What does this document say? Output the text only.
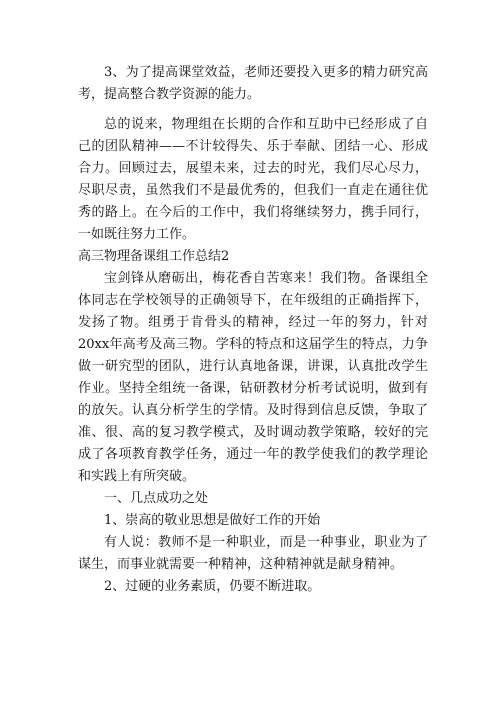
3、为了提高课堂效益，老师还要投入更多的精力研究高考，提高整合教学资源的能力。

总的说来，物理组在长期的合作和互助中已经形成了自己的团队精神——不计较得失、乐于奉献、团结一心、形成合力。回顾过去，展望未来，过去的时光，我们尽心尽力，尽职尽责，虽然我们不是最优秀的，但我们一直走在通往优秀的路上。在今后的工作中，我们将继续努力，携手同行，一如既往努力工作。

高三物理备课组工作总结2

宝剑锋从磨砺出，梅花香自苦寒来！我们物。备课组全体同志在学校领导的正确领导下，在年级组的正确指挥下，发扬了物。组勇于肯骨头的精神，经过一年的努力，针对20xx年高考及高三物。学科的特点和这届学生的特点，力争做一研究型的团队，进行认真地备课，讲课，认真批改学生作业。坚持全组统一备课，钻研教材分析考试说明，做到有的放矢。认真分析学生的学情。及时得到信息反馈，争取了准、很、高的复习教学模式，及时调动教学策略，较好的完成了各项教育教学任务，通过一年的教学使我们的教学理论和实践上有所突破。

一、几点成功之处

1、崇高的敬业思想是做好工作的开始

有人说：教师不是一种职业，而是一种事业，职业为了谋生，而事业就需要一种精神，这种精神就是献身精神。

2、过硬的业务素质，仍要不断进取。
